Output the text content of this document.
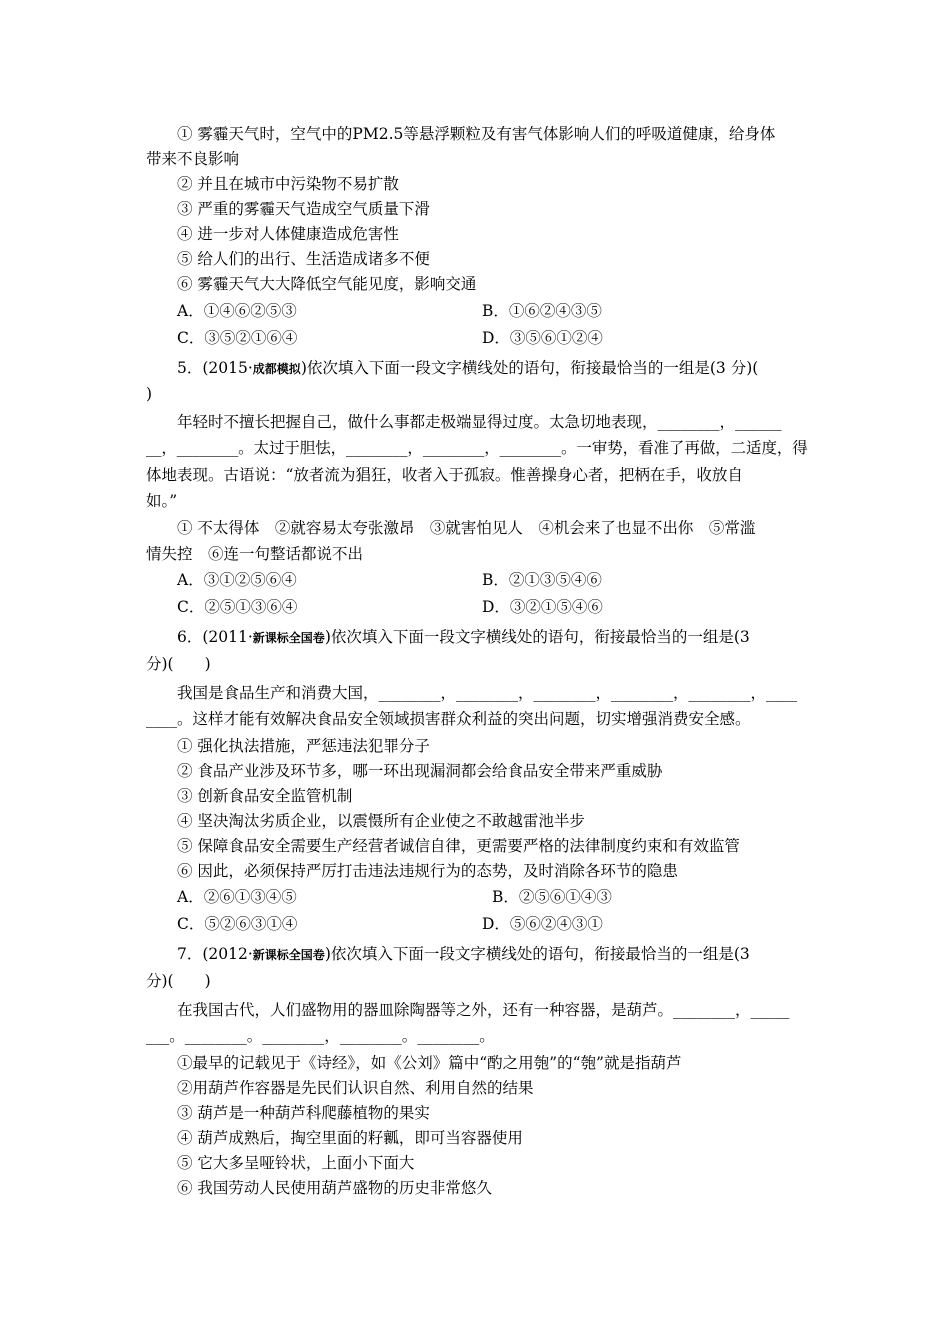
① 雾霾天气时，空气中的PM2.5等悬浮颗粒及有害气体影响人们的呼吸道健康，给身体
带来不良影响
② 并且在城市中污染物不易扩散
③ 严重的雾霾天气造成空气质量下滑
④ 进一步对人体健康造成危害性
⑤ 给人们的出行、生活造成诸多不便
⑥ 雾霾天气大大降低空气能见度，影响交通
A．①④⑥②⑤③	B．①⑥②④③⑤
C．③⑤②①⑥④	D．③⑤⑥①②④
5．(2015·成都模拟)依次填入下面一段文字横线处的语句，衔接最恰当的一组是(3 分)(
)
年轻时不擅长把握自己，做什么事都走极端显得过度。太急切地表现，________，______
__，________。太过于胆怯，________，________，________。一审势，看准了再做，二适度，得
体地表现。古语说：“放者流为猖狂，收者入于孤寂。惟善操身心者，把柄在手，收放自
如。”
① 不太得体　②就容易太夸张激昂　③就害怕见人　④机会来了也显不出你　⑤常滥
情失控　⑥连一句整话都说不出
A．③①②⑤⑥④	B．②①③⑤④⑥
C．②⑤①③⑥④	D．③②①⑤④⑥
6．(2011·新课标全国卷)依次填入下面一段文字横线处的语句，衔接最恰当的一组是(3
分)(　　)
我国是食品生产和消费大国，________，________，________，________，________，____
____。这样才能有效解决食品安全领域损害群众利益的突出问题，切实增强消费安全感。
① 强化执法措施，严惩违法犯罪分子
② 食品产业涉及环节多，哪一环出现漏洞都会给食品安全带来严重威胁
③ 创新食品安全监管机制
④ 坚决淘汰劣质企业，以震慑所有企业使之不敢越雷池半步
⑤ 保障食品安全需要生产经营者诚信自律，更需要严格的法律制度约束和有效监管
⑥ 因此，必须保持严厉打击违法违规行为的态势，及时消除各环节的隐患
A．②⑥①③④⑤	B．②⑤⑥①④③
C．⑤②⑥③①④	D．⑤⑥②④③①
7．(2012·新课标全国卷)依次填入下面一段文字横线处的语句，衔接最恰当的一组是(3
分)(　　)
在我国古代，人们盛物用的器皿除陶器等之外，还有一种容器，是葫芦。________，_____
___。________。________，________。________。
①最早的记载见于《诗经》，如《公刘》篇中“酌之用匏”的“匏”就是指葫芦
②用葫芦作容器是先民们认识自然、利用自然的结果
③ 葫芦是一种葫芦科爬藤植物的果实
④ 葫芦成熟后，掏空里面的籽瓤，即可当容器使用
⑤ 它大多呈哑铃状，上面小下面大
⑥ 我国劳动人民使用葫芦盛物的历史非常悠久
